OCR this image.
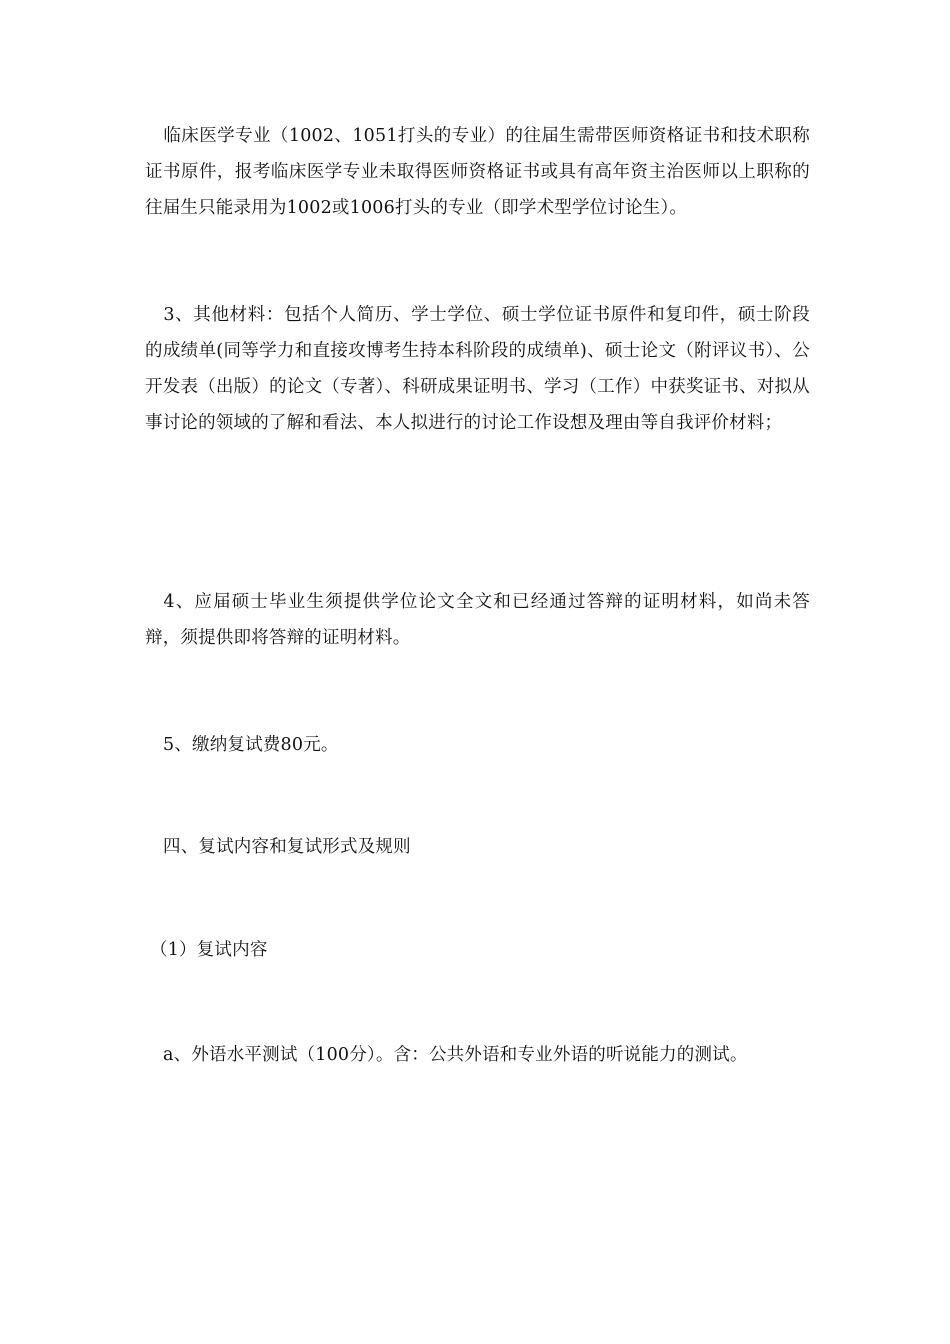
临床医学专业（1002、1051打头的专业）的往届生需带医师资格证书和技术职称证书原件，报考临床医学专业未取得医师资格证书或具有高年资主治医师以上职称的往届生只能录用为1002或1006打头的专业（即学术型学位讨论生）。

3、其他材料：包括个人简历、学士学位、硕士学位证书原件和复印件，硕士阶段的成绩单(同等学力和直接攻博考生持本科阶段的成绩单)、硕士论文（附评议书）、公开发表（出版）的论文（专著）、科研成果证明书、学习（工作）中获奖证书、对拟从事讨论的领域的了解和看法、本人拟进行的讨论工作设想及理由等自我评价材料；

4、应届硕士毕业生须提供学位论文全文和已经通过答辩的证明材料，如尚未答辩，须提供即将答辩的证明材料。

5、缴纳复试费80元。

四、复试内容和复试形式及规则

（1）复试内容

a、外语水平测试（100分）。含：公共外语和专业外语的听说能力的测试。
